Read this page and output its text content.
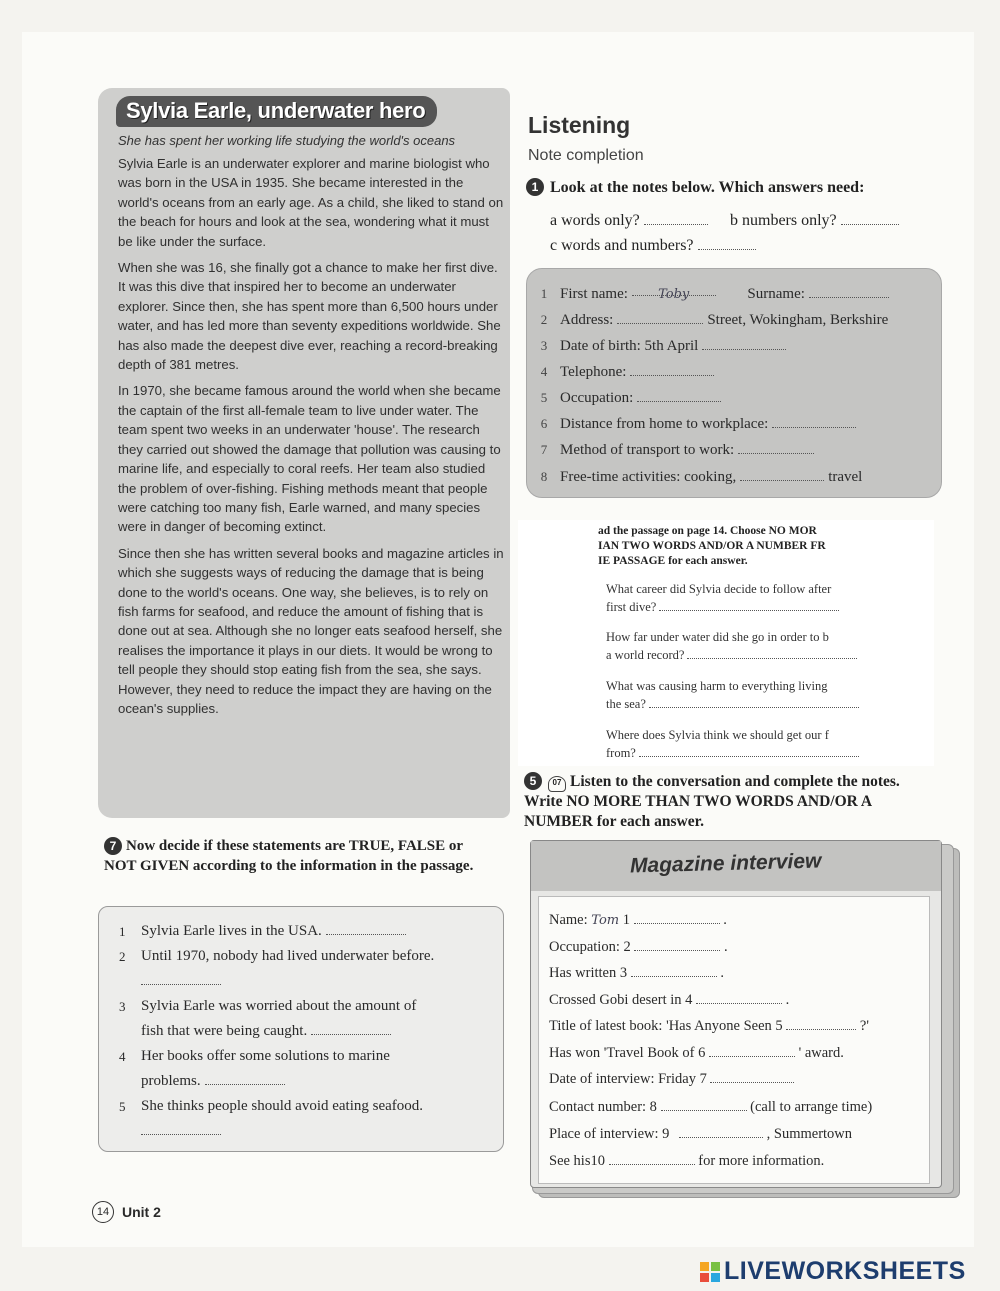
Sylvia Earle, underwater hero
She has spent her working life studying the world's oceans

Sylvia Earle is an underwater explorer and marine biologist who was born in the USA in 1935. She became interested in the world's oceans from an early age. As a child, she liked to stand on the beach for hours and look at the sea, wondering what it must be like under the surface.

When she was 16, she finally got a chance to make her first dive. It was this dive that inspired her to become an underwater explorer. Since then, she has spent more than 6,500 hours under water, and has led more than seventy expeditions worldwide. She has also made the deepest dive ever, reaching a record-breaking depth of 381 metres.

In 1970, she became famous around the world when she became the captain of the first all-female team to live under water. The team spent two weeks in an underwater 'house'. The research they carried out showed the damage that pollution was causing to marine life, and especially to coral reefs. Her team also studied the problem of over-fishing. Fishing methods meant that people were catching too many fish, Earle warned, and many species were in danger of becoming extinct.

Since then she has written several books and magazine articles in which she suggests ways of reducing the damage that is being done to the world's oceans. One way, she believes, is to rely on fish farms for seafood, and reduce the amount of fishing that is done out at sea. Although she no longer eats seafood herself, she realises the importance it plays in our diets. It would be wrong to tell people they should stop eating fish from the sea, she says. However, they need to reduce the impact they are having on the ocean's supplies.

7 Now decide if these statements are TRUE, FALSE or NOT GIVEN according to the information in the passage.
1	Sylvia Earle lives in the USA.
2	Until 1970, nobody had lived underwater before.

3	Sylvia Earle was worried about the amount of
fish that were being caught.
4	Her books offer some solutions to marine
problems.
5	She thinks people should avoid eating seafood.

14 Unit 2
LIVEWORKSHEETS
Listening
Note completion
1 Look at the notes below. Which answers need:
a words only?	b numbers only?
c words and numbers?
1 First name: Toby	Surname:
2 Address:	Street, Wokingham, Berkshire
3 Date of birth: 5th April
4 Telephone:
5 Occupation:
6 Distance from home to workplace:
7 Method of transport to work:
8 Free-time activities: cooking,	travel
ad the passage on page 14. Choose NO MOR
IAN TWO WORDS AND/OR A NUMBER FR
IE PASSAGE for each answer.
What career did Sylvia decide to follow after
first dive?
How far under water did she go in order to b
a world record?
What was causing harm to everything living
the sea?
Where does Sylvia think we should get our f
from?
5 07 Listen to the conversation and complete the notes. Write NO MORE THAN TWO WORDS AND/OR A NUMBER for each answer.
Magazine interview
Name: Tom 1	.
Occupation: 2	.
Has written 3	.
Crossed Gobi desert in 4	.
Title of latest book: 'Has Anyone Seen 5	?'
Has won 'Travel Book of 6	' award.
Date of interview: Friday 7
Contact number: 8	(call to arrange time)
Place of interview: 9	, Summertown
See his10	for more information.
